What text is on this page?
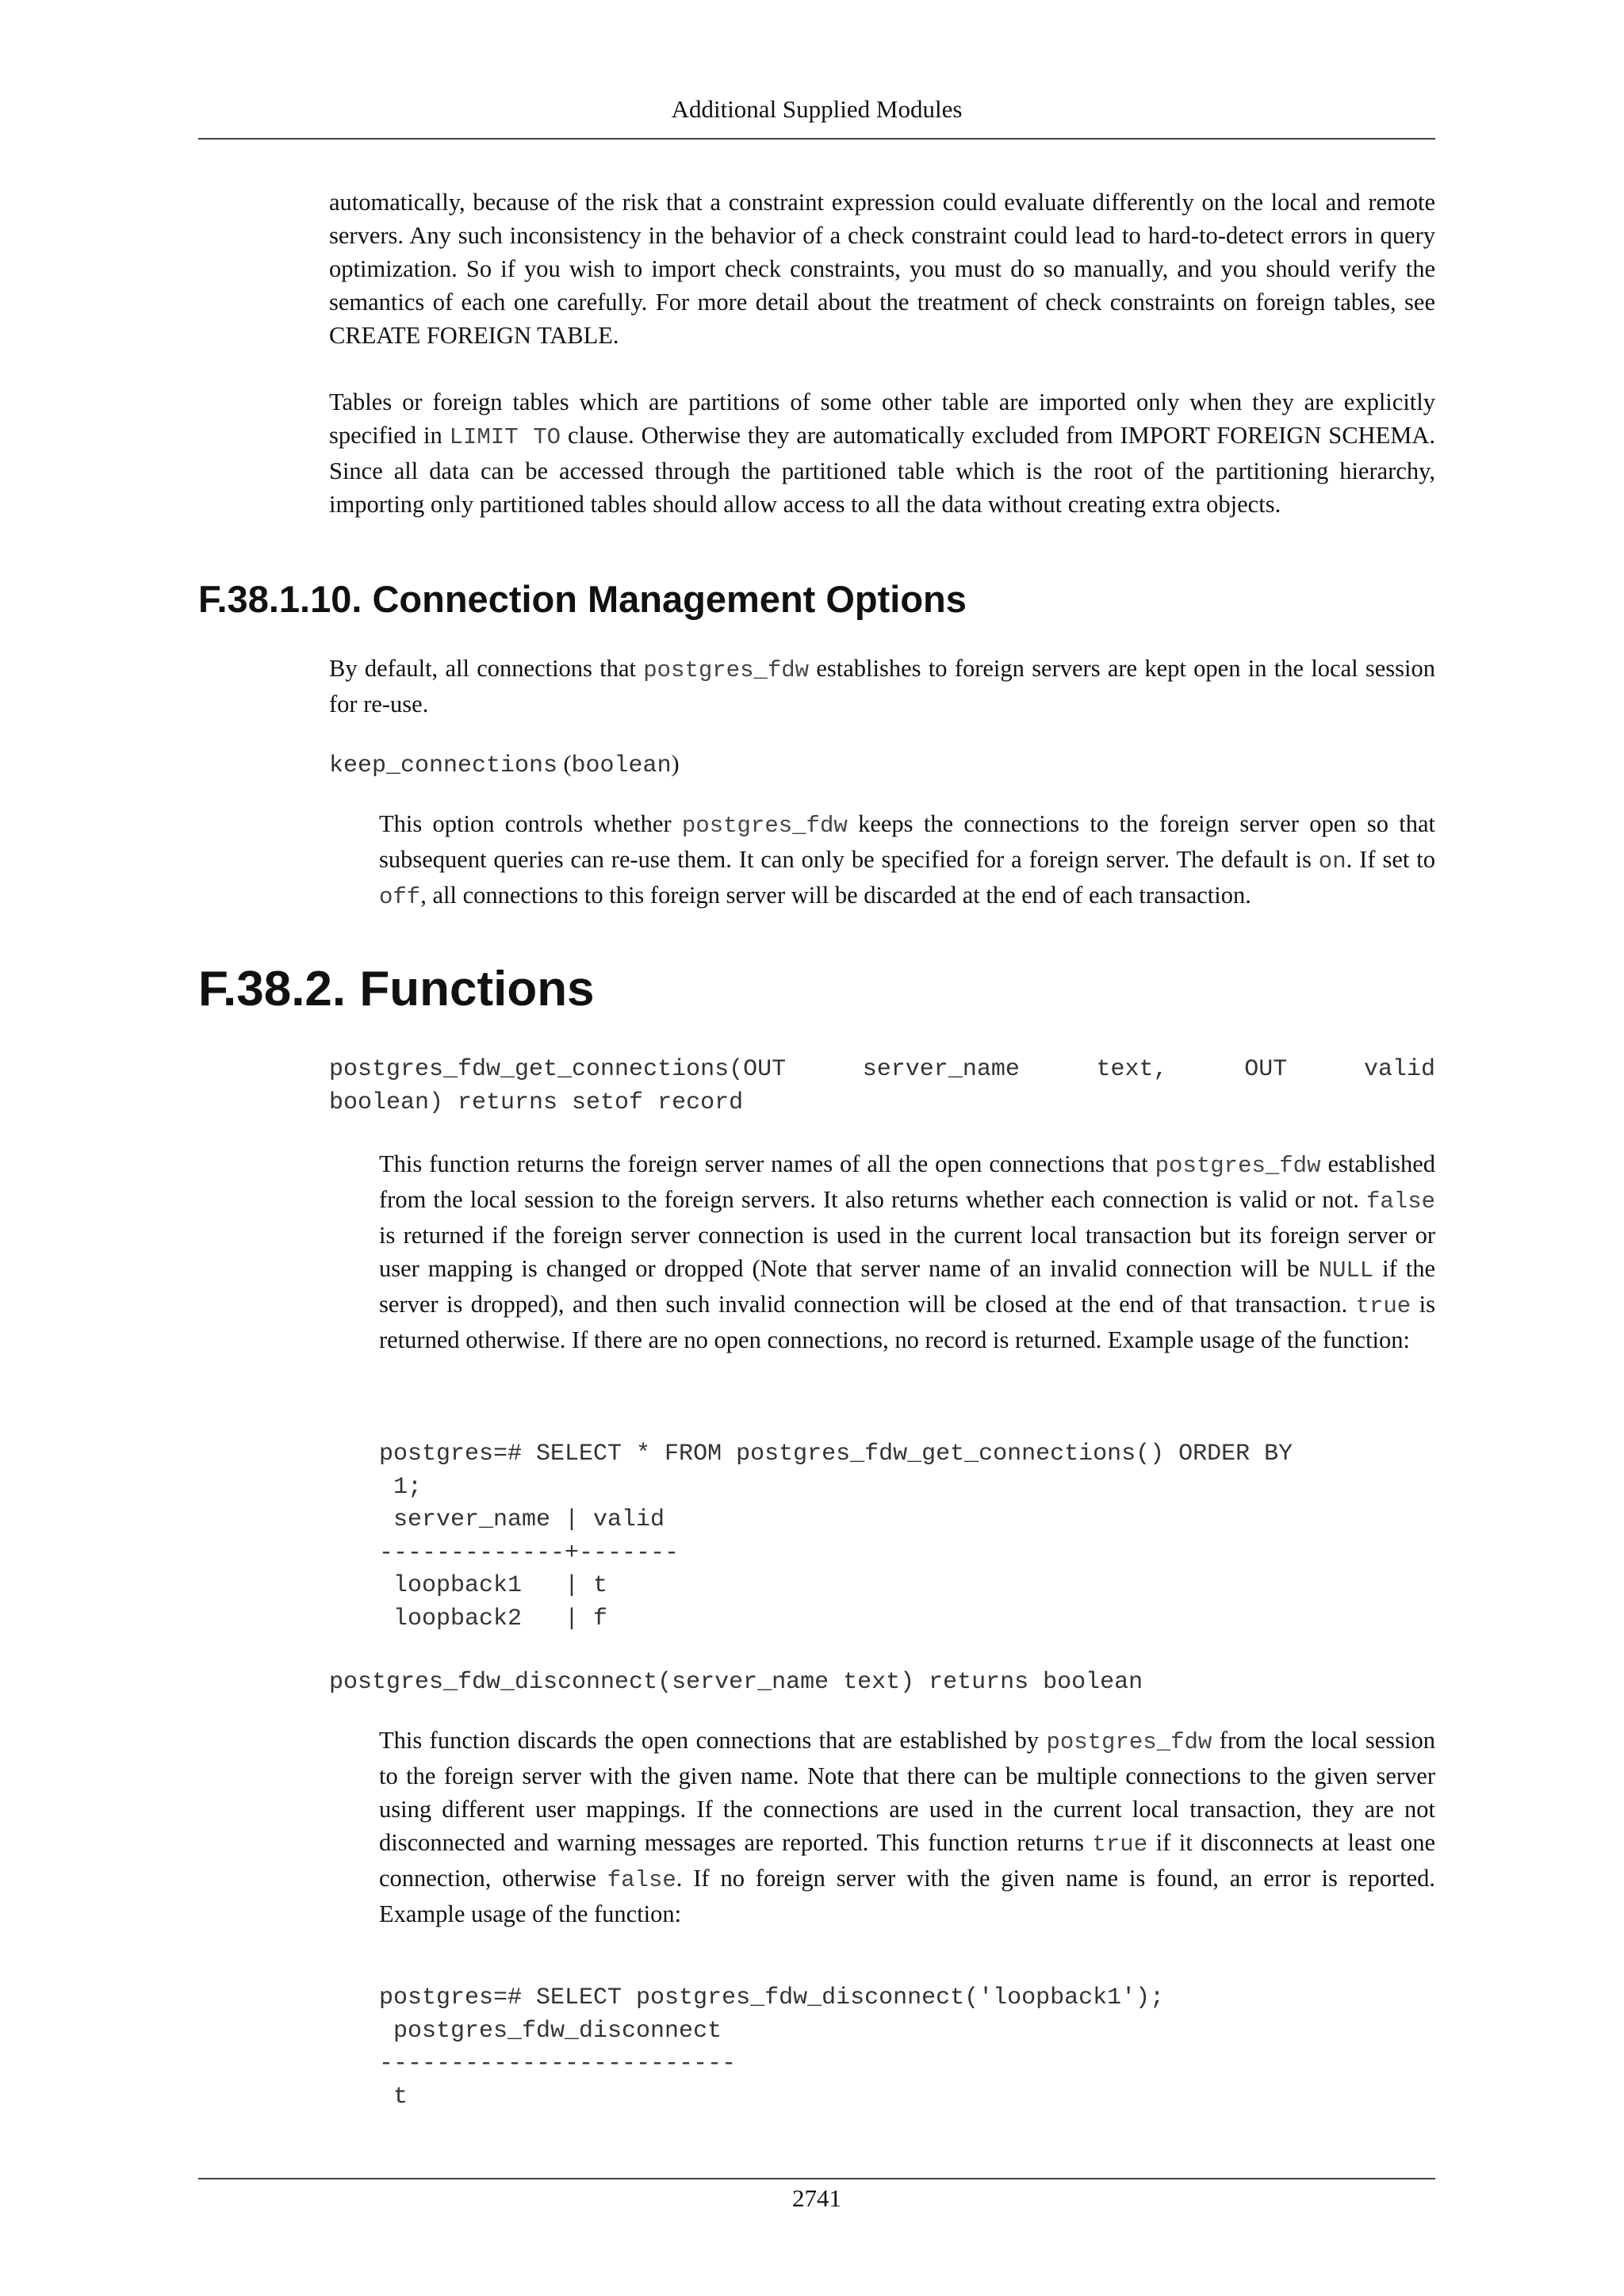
Additional Supplied Modules

automatically, because of the risk that a constraint expression could evaluate differently on the local and remote servers. Any such inconsistency in the behavior of a check constraint could lead to hard-to-detect errors in query optimization. So if you wish to import check constraints, you must do so manually, and you should verify the semantics of each one carefully. For more detail about the treatment of check constraints on foreign tables, see CREATE FOREIGN TABLE.

Tables or foreign tables which are partitions of some other table are imported only when they are explicitly specified in LIMIT TO clause. Otherwise they are automatically excluded from IMPORT FOREIGN SCHEMA. Since all data can be accessed through the partitioned table which is the root of the partitioning hierarchy, importing only partitioned tables should allow access to all the data without creating extra objects.

F.38.1.10. Connection Management Options

By default, all connections that postgres_fdw establishes to foreign servers are kept open in the local session for re-use.

keep_connections (boolean)

This option controls whether postgres_fdw keeps the connections to the foreign server open so that subsequent queries can re-use them. It can only be specified for a foreign server. The default is on. If set to off, all connections to this foreign server will be discarded at the end of each transaction.

F.38.2. Functions
postgres_fdw_get_connections(OUT	server_name	text,	OUT	valid
boolean) returns setof record

This function returns the foreign server names of all the open connections that postgres_fdw established from the local session to the foreign servers. It also returns whether each connection is valid or not. false is returned if the foreign server connection is used in the current local transaction but its foreign server or user mapping is changed or dropped (Note that server name of an invalid connection will be NULL if the server is dropped), and then such invalid connection will be closed at the end of that transaction. true is returned otherwise. If there are no open connections, no record is returned. Example usage of the function:

postgres=# SELECT * FROM postgres_fdw_get_connections() ORDER BY
1;
server_name | valid
-------------+-------
loopback1   | t
loopback2   | f
postgres_fdw_disconnect(server_name text) returns boolean

This function discards the open connections that are established by postgres_fdw from the local session to the foreign server with the given name. Note that there can be multiple connections to the given server using different user mappings. If the connections are used in the current local transaction, they are not disconnected and warning messages are reported. This function returns true if it disconnects at least one connection, otherwise false. If no foreign server with the given name is found, an error is reported. Example usage of the function:

postgres=# SELECT postgres_fdw_disconnect('loopback1');
postgres_fdw_disconnect
-------------------------
t
2741
